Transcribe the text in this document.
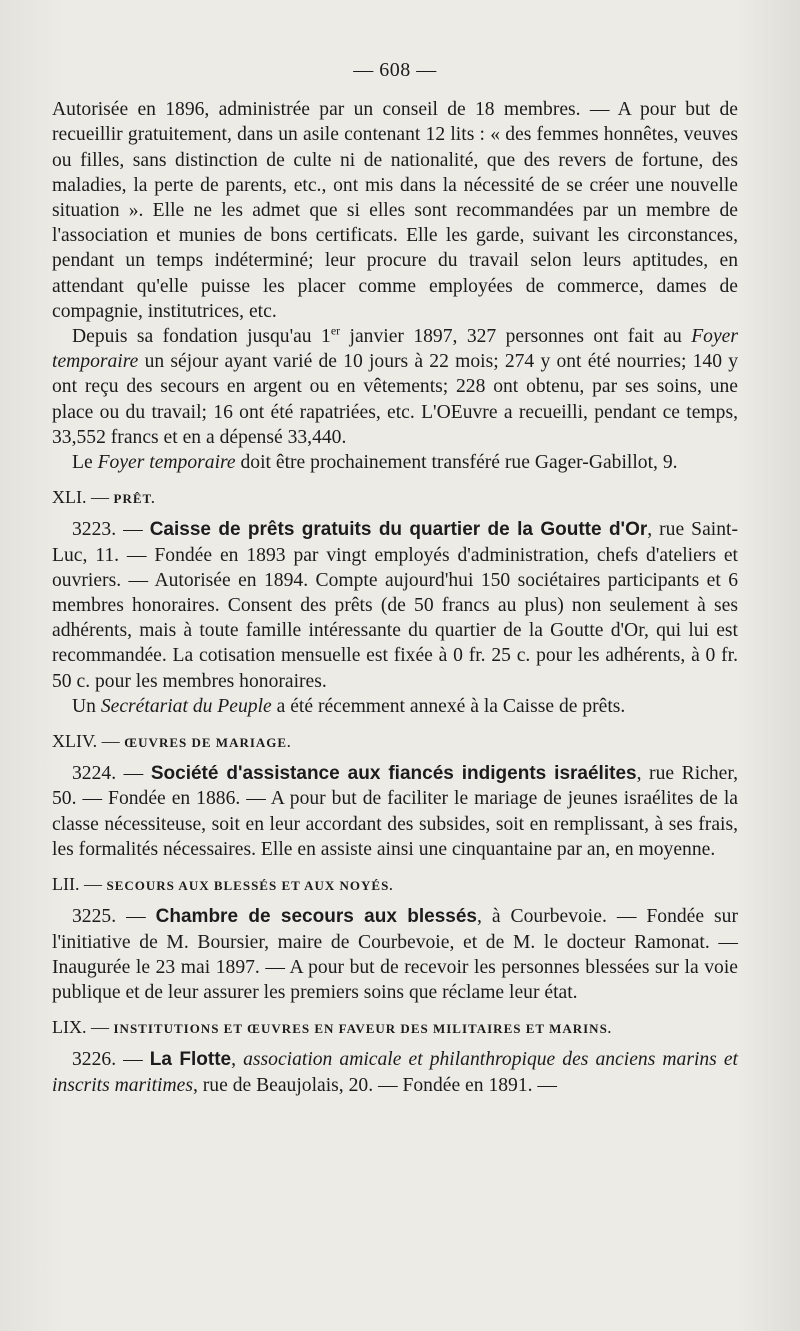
— 608 —

Autorisée en 1896, administrée par un conseil de 18 membres. — A pour but de recueillir gratuitement, dans un asile contenant 12 lits : « des femmes honnêtes, veuves ou filles, sans distinction de culte ni de nationalité, que des revers de fortune, des maladies, la perte de parents, etc., ont mis dans la nécessité de se créer une nouvelle situation ». Elle ne les admet que si elles sont recommandées par un membre de l'association et munies de bons certificats. Elle les garde, suivant les circonstances, pendant un temps indéterminé; leur procure du travail selon leurs aptitudes, en attendant qu'elle puisse les placer comme employées de commerce, dames de compagnie, institutrices, etc.

Depuis sa fondation jusqu'au 1er janvier 1897, 327 personnes ont fait au Foyer temporaire un séjour ayant varié de 10 jours à 22 mois; 274 y ont été nourries; 140 y ont reçu des secours en argent ou en vêtements; 228 ont obtenu, par ses soins, une place ou du travail; 16 ont été rapatriées, etc. L'OEuvre a recueilli, pendant ce temps, 33,552 francs et en a dépensé 33,440.

Le Foyer temporaire doit être prochainement transféré rue Gager-Gabillot, 9.

XLI. — PRÊT.

3223. — Caisse de prêts gratuits du quartier de la Goutte d'Or, rue Saint-Luc, 11. — Fondée en 1893 par vingt employés d'administration, chefs d'ateliers et ouvriers. — Autorisée en 1894. Compte aujourd'hui 150 sociétaires participants et 6 membres honoraires. Consent des prêts (de 50 francs au plus) non seulement à ses adhérents, mais à toute famille intéressante du quartier de la Goutte d'Or, qui lui est recommandée. La cotisation mensuelle est fixée à 0 fr. 25 c. pour les adhérents, à 0 fr. 50 c. pour les membres honoraires.

Un Secrétariat du Peuple a été récemment annexé à la Caisse de prêts.

XLIV. — ŒUVRES DE MARIAGE.

3224. — Société d'assistance aux fiancés indigents israélites, rue Richer, 50. — Fondée en 1886. — A pour but de faciliter le mariage de jeunes israélites de la classe nécessiteuse, soit en leur accordant des subsides, soit en remplissant, à ses frais, les formalités nécessaires. Elle en assiste ainsi une cinquantaine par an, en moyenne.

LII. — SECOURS AUX BLESSÉS ET AUX NOYÉS.

3225. — Chambre de secours aux blessés, à Courbevoie. — Fondée sur l'initiative de M. Boursier, maire de Courbevoie, et de M. le docteur Ramonat. — Inaugurée le 23 mai 1897. — A pour but de recevoir les personnes blessées sur la voie publique et de leur assurer les premiers soins que réclame leur état.

LIX. — INSTITUTIONS ET ŒUVRES EN FAVEUR DES MILITAIRES ET MARINS.

3226. — La Flotte, association amicale et philanthropique des anciens marins et inscrits maritimes, rue de Beaujolais, 20. — Fondée en 1891. —
